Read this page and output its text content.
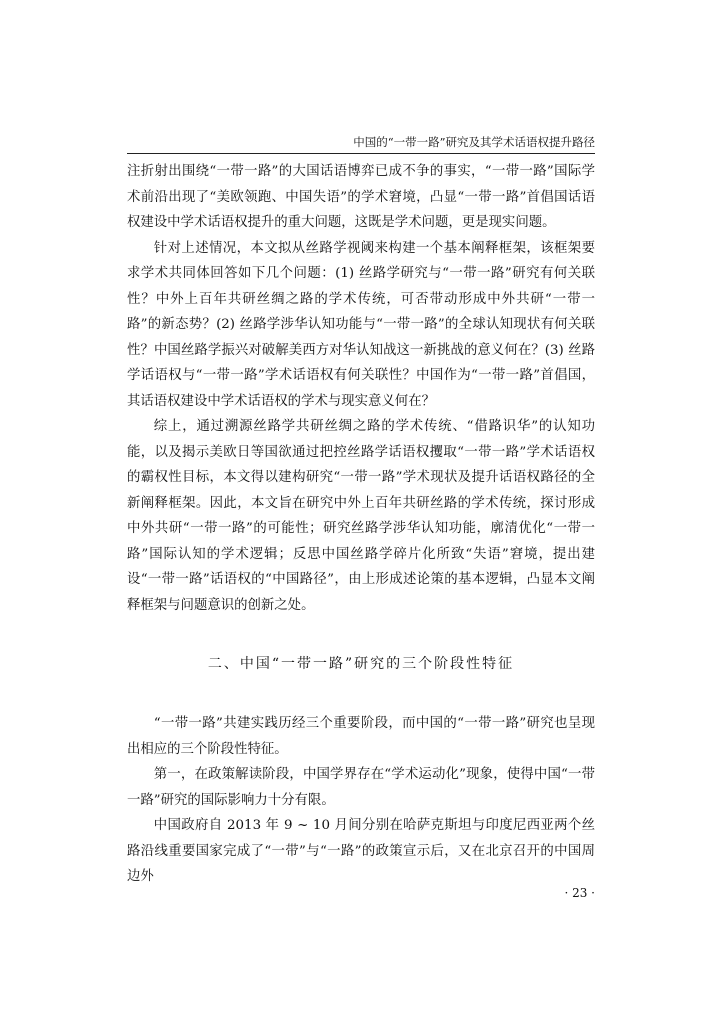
中国的“一带一路”研究及其学术话语权提升路径

注折射出围绕“一带一路”的大国话语博弈已成不争的事实，“一带一路”国际学术前沿出现了“美欧领跑、中国失语”的学术窘境，凸显“一带一路”首倡国话语权建设中学术话语权提升的重大问题，这既是学术问题，更是现实问题。

针对上述情况，本文拟从丝路学视阈来构建一个基本阐释框架，该框架要求学术共同体回答如下几个问题：(1) 丝路学研究与“一带一路”研究有何关联性？中外上百年共研丝绸之路的学术传统，可否带动形成中外共研“一带一路”的新态势？(2) 丝路学涉华认知功能与“一带一路”的全球认知现状有何关联性？中国丝路学振兴对破解美西方对华认知战这一新挑战的意义何在？(3) 丝路学话语权与“一带一路”学术话语权有何关联性？中国作为“一带一路”首倡国，其话语权建设中学术话语权的学术与现实意义何在？

综上，通过溯源丝路学共研丝绸之路的学术传统、“借路识华”的认知功能，以及揭示美欧日等国欲通过把控丝路学话语权攫取“一带一路”学术话语权的霸权性目标，本文得以建构研究“一带一路”学术现状及提升话语权路径的全新阐释框架。因此，本文旨在研究中外上百年共研丝路的学术传统，探讨形成中外共研“一带一路”的可能性；研究丝路学涉华认知功能，廓清优化“一带一路”国际认知的学术逻辑；反思中国丝路学碎片化所致“失语”窘境，提出建设“一带一路”话语权的“中国路径”，由上形成述论策的基本逻辑，凸显本文阐释框架与问题意识的创新之处。

二、中国“一带一路”研究的三个阶段性特征

“一带一路”共建实践历经三个重要阶段，而中国的“一带一路”研究也呈现出相应的三个阶段性特征。

第一，在政策解读阶段，中国学界存在“学术运动化”现象，使得中国“一带一路”研究的国际影响力十分有限。

中国政府自 2013 年 9 ~ 10 月间分别在哈萨克斯坦与印度尼西亚两个丝路沿线重要国家完成了“一带”与“一路”的政策宣示后，又在北京召开的中国周边外

· 23 ·
